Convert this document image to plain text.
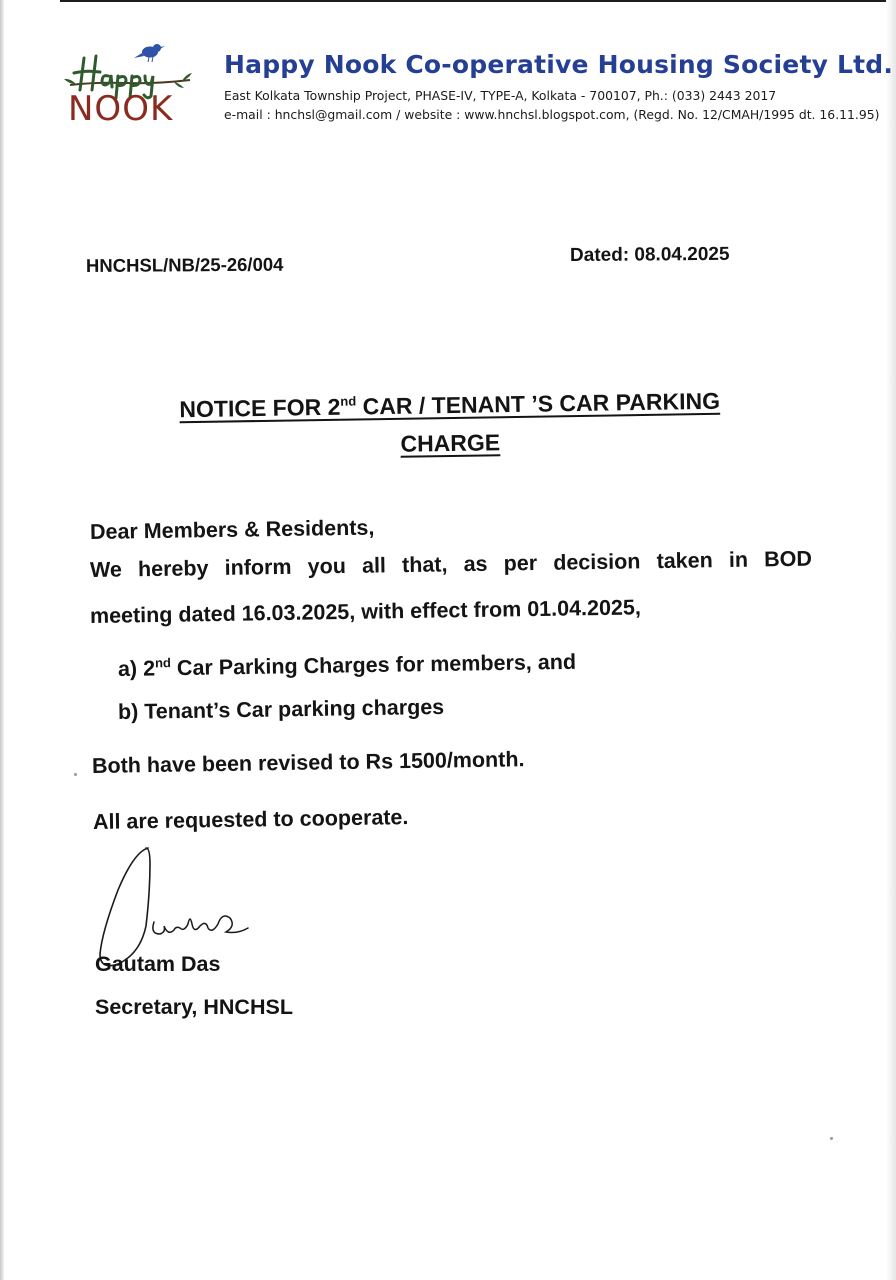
NOOK
Happy Nook Co-operative Housing Society Ltd.
East Kolkata Township Project, PHASE-IV, TYPE-A, Kolkata - 700107, Ph.: (033) 2443 2017
e-mail : hnchsl@gmail.com / website : www.hnchsl.blogspot.com, (Regd. No. 12/CMAH/1995 dt. 16.11.95)
HNCHSL/NB/25-26/004	Dated: 08.04.2025
NOTICE FOR 2nd CAR / TENANT ’S CAR PARKING
CHARGE
Dear Members & Residents,
We hereby inform you all that, as per decision taken in BOD
meeting dated 16.03.2025, with effect from 01.04.2025,
a) 2nd Car Parking Charges for members, and
b) Tenant’s Car parking charges
Both have been revised to Rs 1500/month.
All are requested to cooperate.
Gautam Das
Secretary, HNCHSL
